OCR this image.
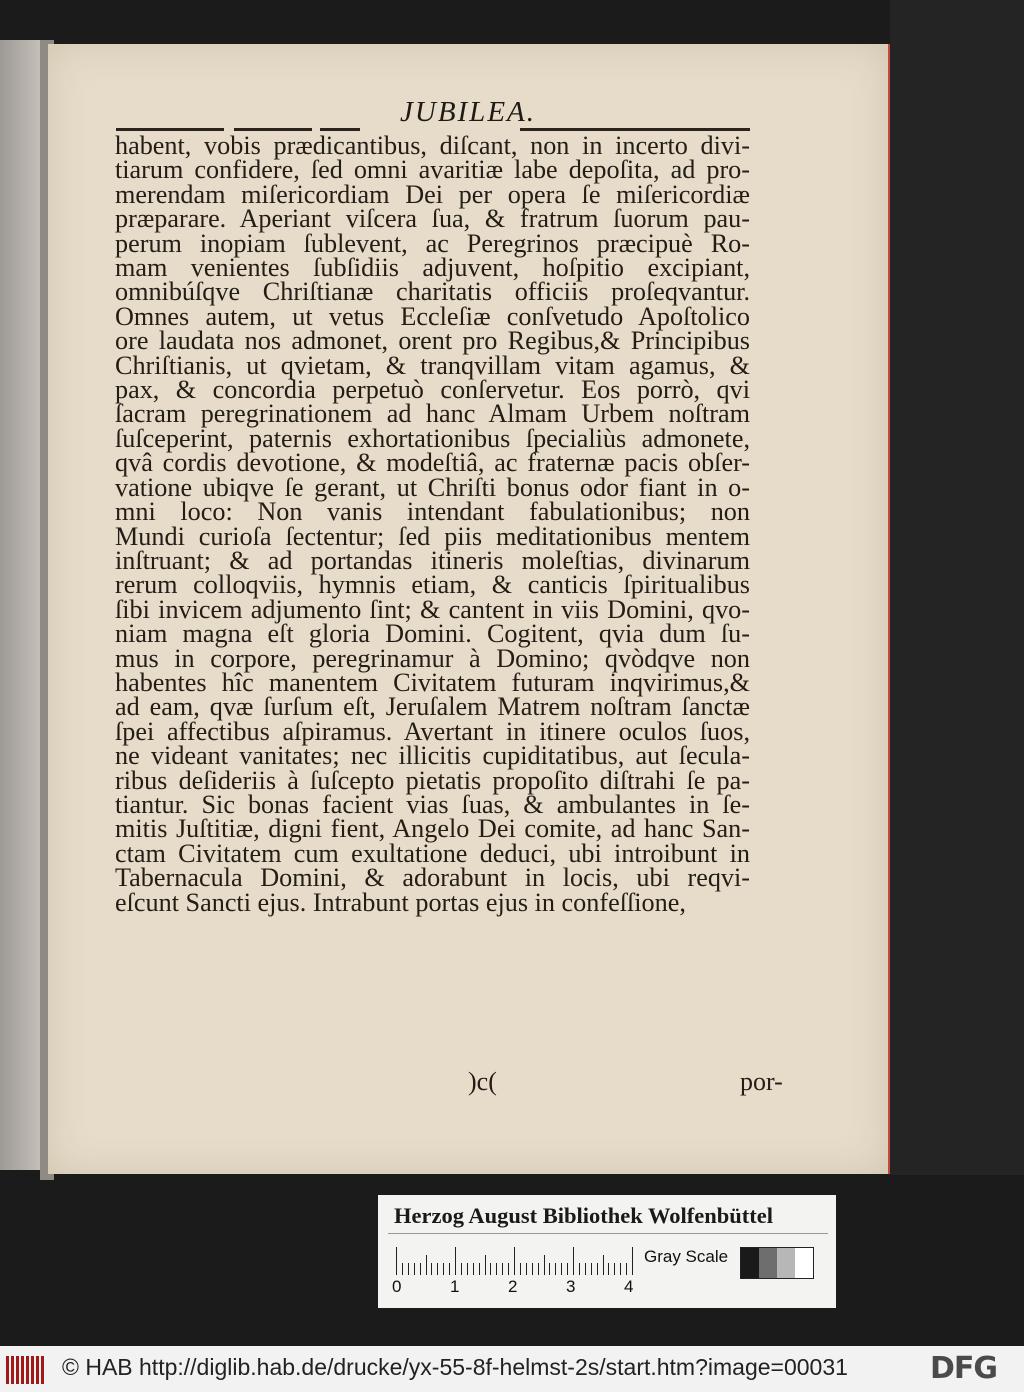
JUBILEA.
habent, vobis prædicantibus, diſcant, non in incerto divi-
tiarum confidere, ſed omni avaritiæ labe depoſita, ad pro-
merendam miſericordiam Dei per opera ſe miſericordiæ
præparare. Aperiant viſcera ſua, & fratrum ſuorum pau-
perum inopiam ſublevent, ac Peregrinos præcipuè Ro-
mam venientes ſubſidiis adjuvent, hoſpitio excipiant,
omnibúſqve Chriſtianæ charitatis officiis proſeqvantur.
Omnes autem, ut vetus Eccleſiæ conſvetudo Apoſtolico
ore laudata nos admonet, orent pro Regibus,& Principibus
Chriſtianis, ut qvietam, & tranqvillam vitam agamus, &
pax, & concordia perpetuò conſervetur. Eos porrò, qvi
ſacram peregrinationem ad hanc Almam Urbem noſtram
ſuſceperint, paternis exhortationibus ſpecialiùs admonete,
qvâ cordis devotione, & modeſtiâ, ac fraternæ pacis obſer-
vatione ubiqve ſe gerant, ut Chriſti bonus odor fiant in o-
mni loco: Non vanis intendant fabulationibus; non
Mundi curioſa ſectentur; ſed piis meditationibus mentem
inſtruant; & ad portandas itineris moleſtias, divinarum
rerum colloqviis, hymnis etiam, & canticis ſpiritualibus
ſibi invicem adjumento ſint; & cantent in viis Domini, qvo-
niam magna eſt gloria Domini. Cogitent, qvia dum ſu-
mus in corpore, peregrinamur à Domino; qvòdqve non
habentes hîc manentem Civitatem futuram inqvirimus,&
ad eam, qvæ ſurſum eſt, Jeruſalem Matrem noſtram ſanctæ
ſpei affectibus aſpiramus. Avertant in itinere oculos ſuos,
ne videant vanitates; nec illicitis cupiditatibus, aut ſecula-
ribus deſideriis à ſuſcepto pietatis propoſito diſtrahi ſe pa-
tiantur. Sic bonas facient vias ſuas, & ambulantes in ſe-
mitis Juſtitiæ, digni fient, Angelo Dei comite, ad hanc San-
ctam Civitatem cum exultatione deduci, ubi introibunt in
Tabernacula Domini, & adorabunt in locis, ubi reqvi-
eſcunt Sancti ejus. Intrabunt portas ejus in confeſſione,
)c(	por-
Herzog August Bibliothek Wolfenbüttel
0	1	2	3	4
Gray Scale
© HAB http://diglib.hab.de/drucke/yx-55-8f-helmst-2s/start.htm?image=00031	DFG
